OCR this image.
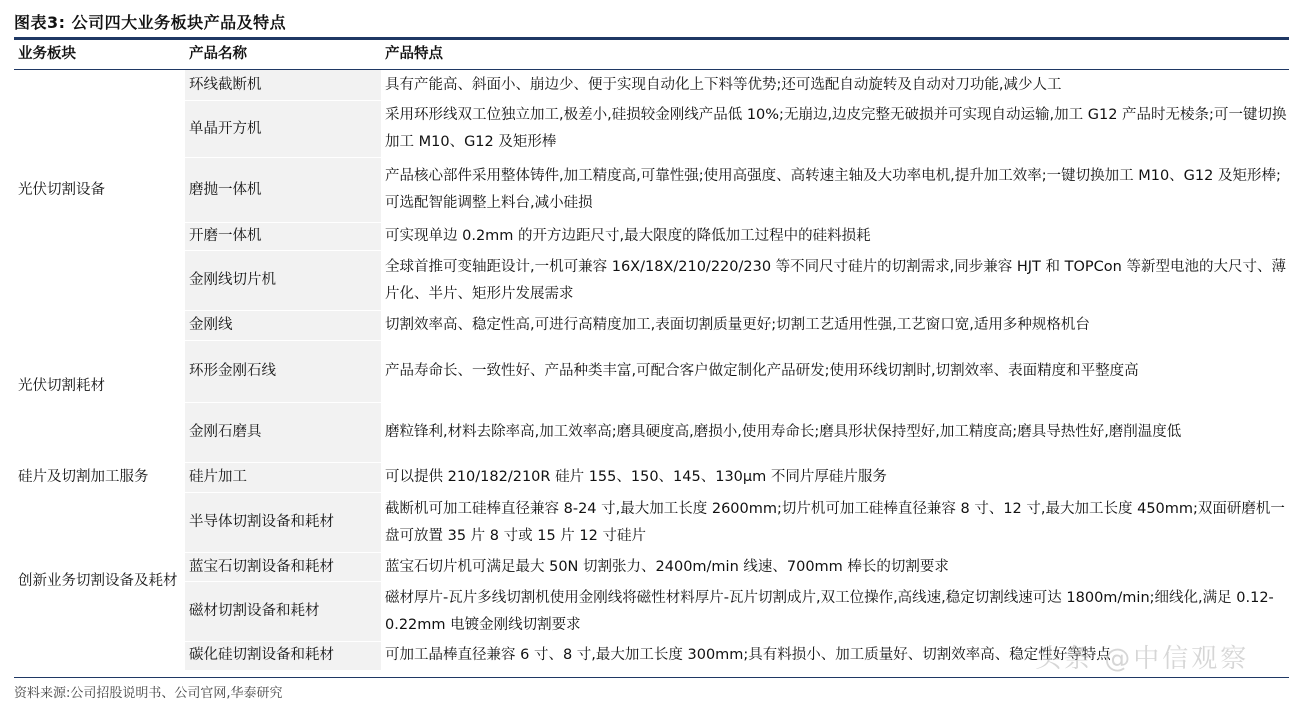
图表3: 公司四大业务板块产品及特点
业务板块	产品名称	产品特点
光伏切割设备	环线截断机	具有产能高、斜面小、崩边少、便于实现自动化上下料等优势;还可选配自动旋转及自动对刀功能,减少人工
	单晶开方机	采用环形线双工位独立加工,极差小,硅损较金刚线产品低 10%;无崩边,边皮完整无破损并可实现自动运输,加工 G12 产品时无棱条;可一键切换加工 M10、G12 及矩形棒
	磨抛一体机	产品核心部件采用整体铸件,加工精度高,可靠性强;使用高强度、高转速主轴及大功率电机,提升加工效率;一键切换加工 M10、G12 及矩形棒;可选配智能调整上料台,减小硅损
	开磨一体机	可实现单边 0.2mm 的开方边距尺寸,最大限度的降低加工过程中的硅料损耗
	金刚线切片机	全球首推可变轴距设计,一机可兼容 16X/18X/210/220/230 等不同尺寸硅片的切割需求,同步兼容 HJT 和 TOPCon 等新型电池的大尺寸、薄片化、半片、矩形片发展需求
光伏切割耗材	金刚线	切割效率高、稳定性高,可进行高精度加工,表面切割质量更好;切割工艺适用性强,工艺窗口宽,适用多种规格机台
	环形金刚石线	产品寿命长、一致性好、产品种类丰富,可配合客户做定制化产品研发;使用环线切割时,切割效率、表面精度和平整度高
	金刚石磨具	磨粒锋利,材料去除率高,加工效率高;磨具硬度高,磨损小,使用寿命长;磨具形状保持型好,加工精度高;磨具导热性好,磨削温度低
硅片及切割加工服务	硅片加工	可以提供 210/182/210R 硅片 155、150、145、130μm 不同片厚硅片服务
创新业务切割设备及耗材	半导体切割设备和耗材	截断机可加工硅棒直径兼容 8-24 寸,最大加工长度 2600mm;切片机可加工硅棒直径兼容 8 寸、12 寸,最大加工长度 450mm;双面研磨机一盘可放置 35 片 8 寸或 15 片 12 寸硅片
	蓝宝石切割设备和耗材	蓝宝石切片机可满足最大 50N 切割张力、2400m/min 线速、700mm 棒长的切割要求
	磁材切割设备和耗材	磁材厚片-瓦片多线切割机使用金刚线将磁性材料厚片-瓦片切割成片,双工位操作,高线速,稳定切割线速可达 1800m/min;细线化,满足 0.12-0.22mm 电镀金刚线切割要求
	碳化硅切割设备和耗材	可加工晶棒直径兼容 6 寸、8 寸,最大加工长度 300mm;具有料损小、加工质量好、切割效率高、稳定性好等特点
资料来源:公司招股说明书、公司官网,华泰研究
头条 @中信观察
